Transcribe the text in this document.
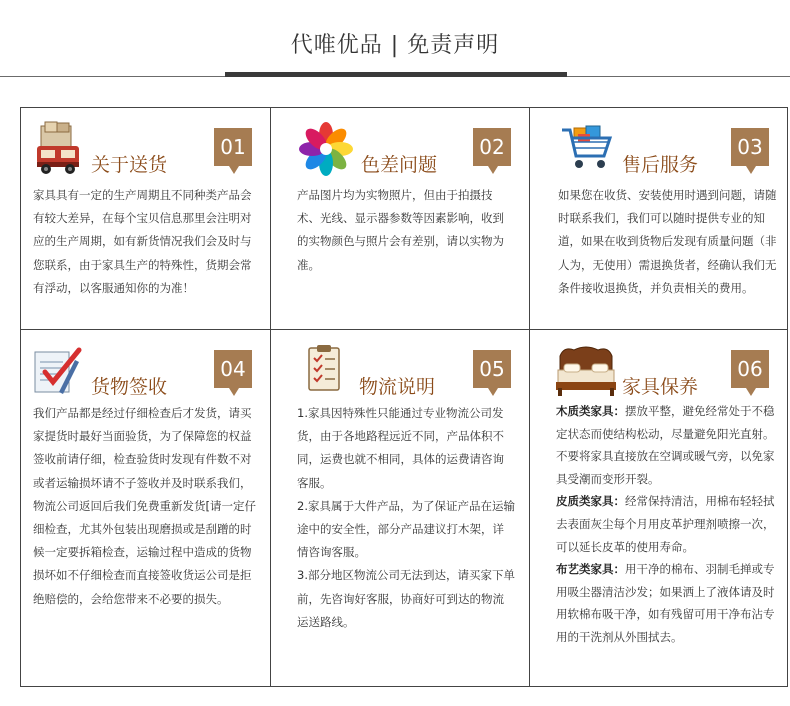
代唯优品 | 免责声明
关于送货
01

家具具有一定的生产周期且不同种类产品会有较大差异，在每个宝贝信息那里会注明对应的生产周期，如有新货情况我们会及时与您联系，由于家具生产的特殊性，货期会常有浮动，以客服通知你的为准！

色差问题
02

产品图片均为实物照片，但由于拍摄技术、光线、显示器参数等因素影响，收到的实物颜色与照片会有差别，请以实物为准。

售后服务
03

如果您在收货、安装使用时遇到问题，请随时联系我们，我们可以随时提供专业的知道，如果在收到货物后发现有质量问题（非人为，无使用）需退换货者，经确认我们无条件接收退换货，并负责相关的费用。

货物签收
04

我们产品都是经过仔细检查后才发货，请买家提货时最好当面验货，为了保障您的权益签收前请仔细，检查验货时发现有件数不对或者运输损坏请不子签收并及时联系我们，物流公司返回后我们免费重新发货[请一定仔细检查，尤其外包装出现磨损或是刮蹭的时候一定要拆箱检查，运输过程中造成的货物损坏如不仔细检查而直接签收货运公司是拒绝赔偿的，会给您带来不必要的损失。

物流说明
05

1.家具因特殊性只能通过专业物流公司发货，由于各地路程远近不同，产品体积不同，运费也就不相同，具体的运费请咨询客服。

2.家具属于大件产品，为了保证产品在运输途中的安全性，部分产品建议打木架，详情咨询客服。

3.部分地区物流公司无法到达，请买家下单前，先咨询好客服，协商好可到达的物流运送路线。

家具保养
06

木质类家具：摆放平整，避免经常处于不稳定状态而使结构松动，尽量避免阳光直射。不要将家具直接放在空调或暖气旁，以免家具受潮而变形开裂。

皮质类家具：经常保持清洁，用棉布轻轻拭去表面灰尘每个月用皮革护理剂喷擦一次，可以延长皮革的使用寿命。

布艺类家具：用干净的棉布、羽制毛掸或专用吸尘器清洁沙发；如果洒上了液体请及时用软棉布吸干净，如有残留可用干净布沾专用的干洗剂从外围拭去。
